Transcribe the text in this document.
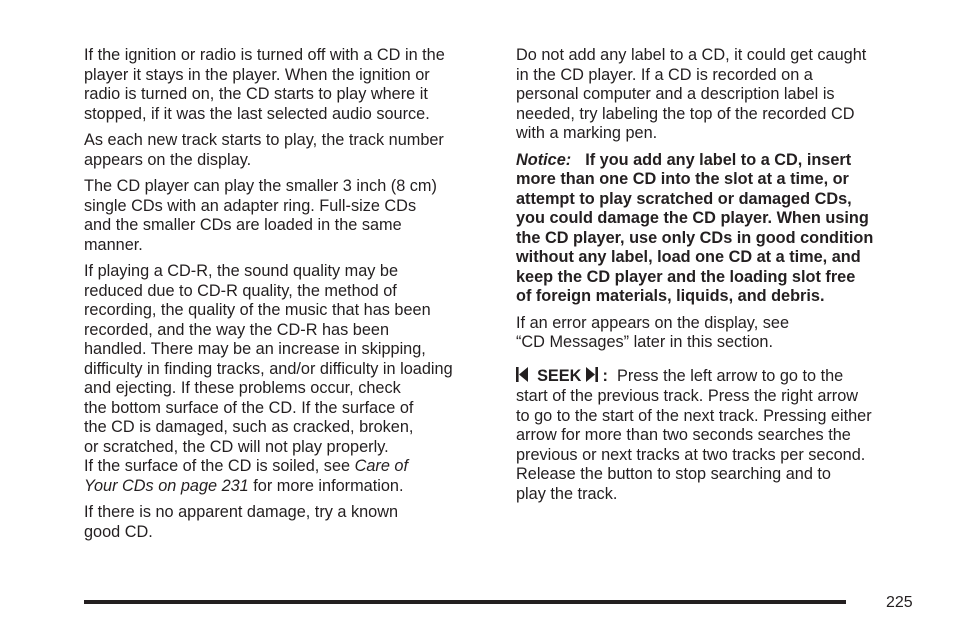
If the ignition or radio is turned off with a CD in the
player it stays in the player. When the ignition or
radio is turned on, the CD starts to play where it
stopped, if it was the last selected audio source.

As each new track starts to play, the track number
appears on the display.

The CD player can play the smaller 3 inch (8 cm)
single CDs with an adapter ring. Full-size CDs
and the smaller CDs are loaded in the same
manner.

If playing a CD-R, the sound quality may be
reduced due to CD-R quality, the method of
recording, the quality of the music that has been
recorded, and the way the CD-R has been
handled. There may be an increase in skipping,
difficulty in finding tracks, and/or difficulty in loading
and ejecting. If these problems occur, check
the bottom surface of the CD. If the surface of
the CD is damaged, such as cracked, broken,
or scratched, the CD will not play properly.
If the surface of the CD is soiled, see Care of
Your CDs on page 231 for more information.

If there is no apparent damage, try a known
good CD.

Do not add any label to a CD, it could get caught
in the CD player. If a CD is recorded on a
personal computer and a description label is
needed, try labeling the top of the recorded CD
with a marking pen.

Notice: If you add any label to a CD, insert
more than one CD into the slot at a time, or
attempt to play scratched or damaged CDs,
you could damage the CD player. When using
the CD player, use only CDs in good condition
without any label, load one CD at a time, and
keep the CD player and the loading slot free
of foreign materials, liquids, and debris.

If an error appears on the display, see
“CD Messages” later in this section.

SEEK : Press the left arrow to go to the
start of the previous track. Press the right arrow
to go to the start of the next track. Pressing either
arrow for more than two seconds searches the
previous or next tracks at two tracks per second.
Release the button to stop searching and to
play the track.

225
